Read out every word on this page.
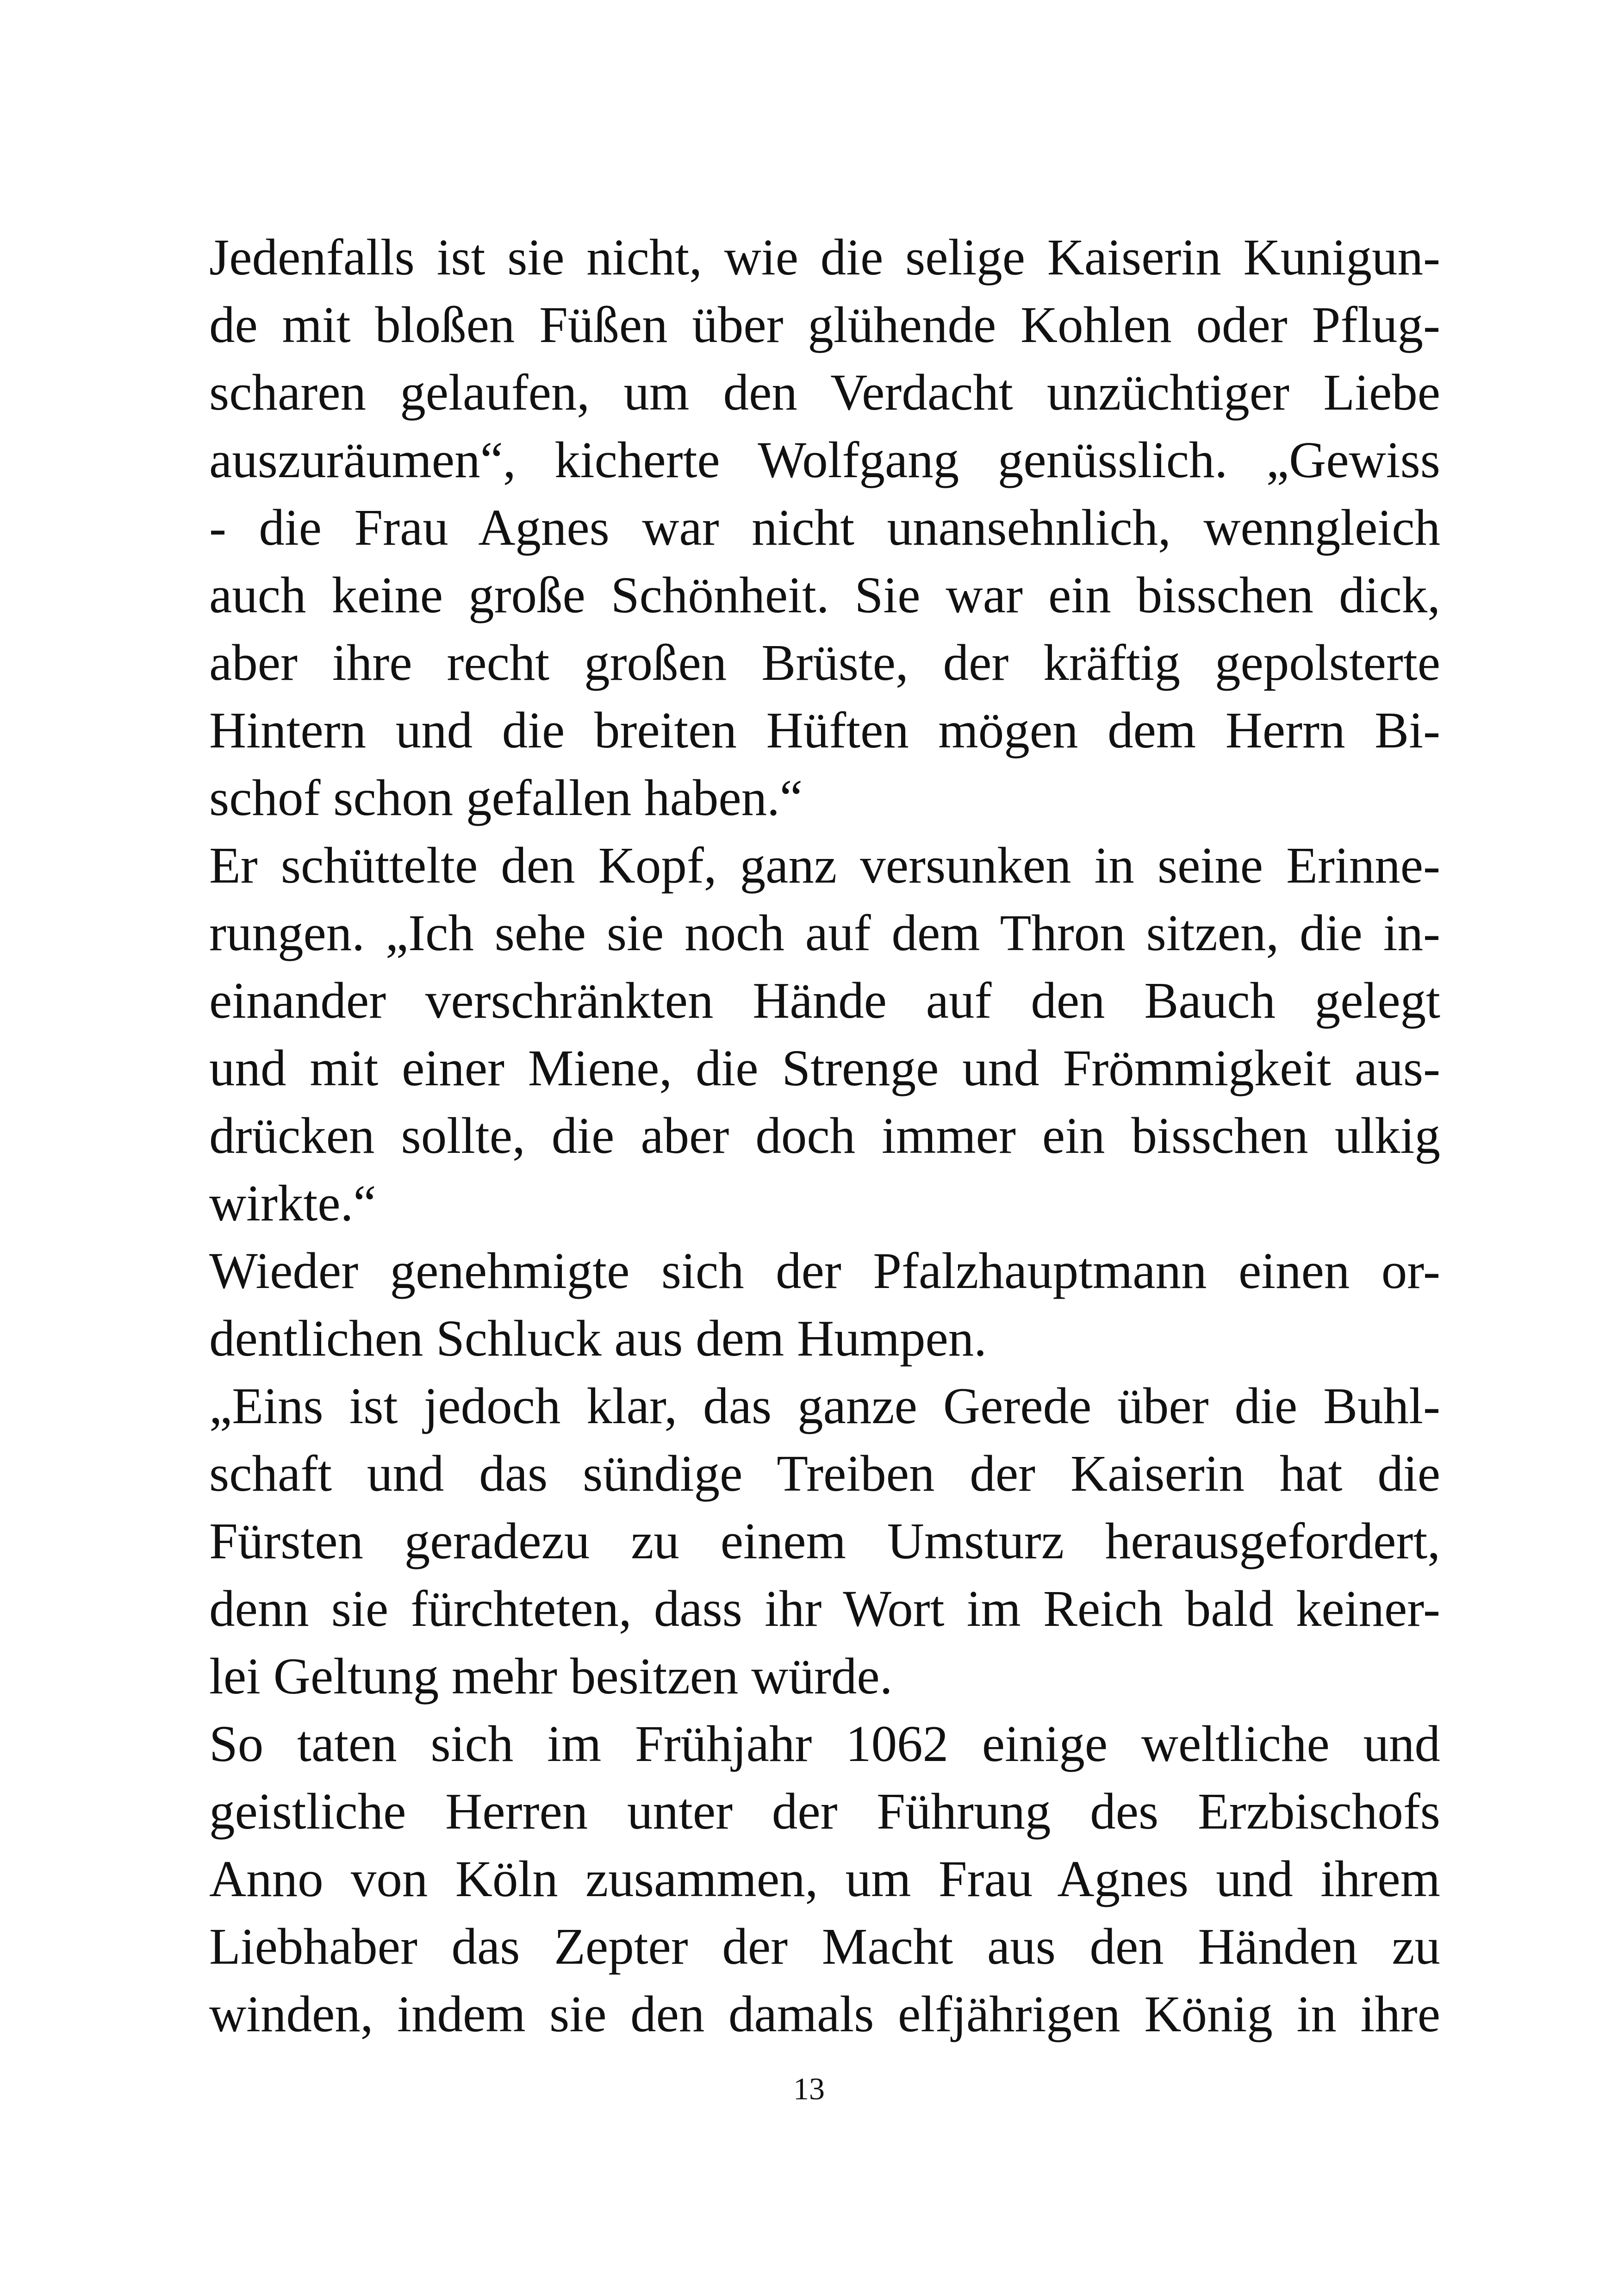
Jedenfalls ist sie nicht, wie die selige Kaiserin Kunigun-
de mit bloßen Füßen über glühende Kohlen oder Pflug-
scharen gelaufen, um den Verdacht unzüchtiger Liebe
auszuräumen“, kicherte Wolfgang genüsslich. „Gewiss
- die Frau Agnes war nicht unansehnlich, wenngleich
auch keine große Schönheit. Sie war ein bisschen dick,
aber ihre recht großen Brüste, der kräftig gepolsterte
Hintern und die breiten Hüften mögen dem Herrn Bi-
schof schon gefallen haben.“
Er schüttelte den Kopf, ganz versunken in seine Erinne-
rungen. „Ich sehe sie noch auf dem Thron sitzen, die in-
einander verschränkten Hände auf den Bauch gelegt
und mit einer Miene, die Strenge und Frömmigkeit aus-
drücken sollte, die aber doch immer ein bisschen ulkig
wirkte.“
Wieder genehmigte sich der Pfalzhauptmann einen or-
dentlichen Schluck aus dem Humpen.
„Eins ist jedoch klar, das ganze Gerede über die Buhl-
schaft und das sündige Treiben der Kaiserin hat die
Fürsten geradezu zu einem Umsturz herausgefordert,
denn sie fürchteten, dass ihr Wort im Reich bald keiner-
lei Geltung mehr besitzen würde.
So taten sich im Frühjahr 1062 einige weltliche und
geistliche Herren unter der Führung des Erzbischofs
Anno von Köln zusammen, um Frau Agnes und ihrem
Liebhaber das Zepter der Macht aus den Händen zu
winden, indem sie den damals elfjährigen König in ihre
13
